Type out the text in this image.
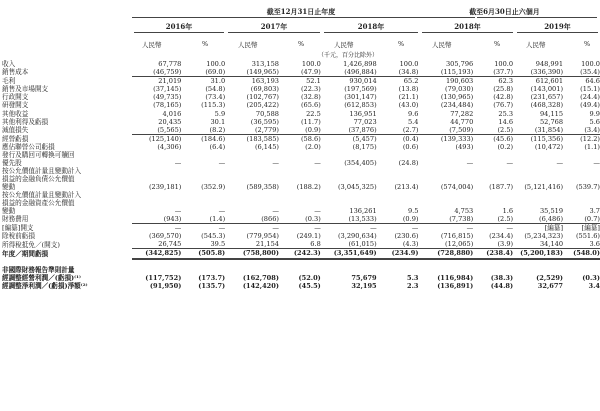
截至12月31日止年度	截至6月30日止六個月
2016年	2017年	2018年	2018年	2019年
人民幣	%	人民幣	%	人民幣	%	人民幣	%	人民幣	%
（千元，百分比除外）
收入	67,778	100.0	313,158	100.0	1,426,898	100.0	305,796	100.0	948,991	100.0
銷售成本	(46,759)	(69.0)	(149,965)	(47.9)	(496,884)	(34.8)	(115,193)	(37.7)	(336,390)	(35.4)
毛利	21,019	31.0	163,193	52.1	930,014	65.2	190,603	62.3	612,601	64.6
銷售及市場開支	(37,145)	(54.8)	(69,803)	(22.3)	(197,569)	(13.8)	(79,030)	(25.8)	(143,001)	(15.1)
行政開支	(49,735)	(73.4)	(102,767)	(32.8)	(301,147)	(21.1)	(130,965)	(42.8)	(231,657)	(24.4)
研發開支	(78,165)	(115.3)	(205,422)	(65.6)	(612,853)	(43.0)	(234,484)	(76.7)	(468,328)	(49.4)
其他收益	4,016	5.9	70,588	22.5	136,951	9.6	77,282	25.3	94,115	9.9
其他利得及虧損	20,435	30.1	(36,595)	(11.7)	77,023	5.4	44,770	14.6	52,768	5.6
減值損失	(5,565)	(8.2)	(2,779)	(0.9)	(37,876)	(2.7)	(7,509)	(2.5)	(31,854)	(3.4)
經營虧損	(125,140)	(184.6)	(183,585)	(58.6)	(5,457)	(0.4)	(139,333)	(45.6)	(115,356)	(12.2)
應佔聯營公司虧損	(4,306)	(6.4)	(6,145)	(2.0)	(8,175)	(0.6)	(493)	(0.2)	(10,472)	(1.1)
發行及購回可轉換可贖回										
優先股	—	—	—	—	(354,405)	(24.8)	—	—	—	—
按公允價值計量且變動計入										
損益的金融負債公允價值										
變動	(239,181)	(352.9)	(589,358)	(188.2)	(3,045,325)	(213.4)	(574,004)	(187.7)	(5,121,416)	(539.7)
按公允價值計量且變動計入										
損益的金融資產公允價值										
變動	—	—	—	—	136,261	9.5	4,753	1.6	35,519	3.7
財務費用	(943)	(1.4)	(866)	(0.3)	(13,533)	(0.9)	(7,738)	(2.5)	(6,486)	(0.7)
[編纂]開支	—	—	—	—	—	—	—	—	[編纂]	[編纂]
除稅前虧損	(369,570)	(545.3)	(779,954)	(249.1)	(3,290,634)	(230.6)	(716,815)	(234.4)	(5,234,323)	(551.6)
所得稅抵免／(開支)	26,745	39.5	21,154	6.8	(61,015)	(4.3)	(12,065)	(3.9)	34,140	3.6
年度／期間虧損	(342,825)	(505.8)	(758,800)	(242.3)	(3,351,649)	(234.9)	(728,880)	(238.4)	(5,200,183)	(548.0)

非國際財務報告準則計量										
經調整經營利潤／(虧損)⁽¹⁾	(117,752)	(173.7)	(162,708)	(52.0)	75,679	5.3	(116,984)	(38.3)	(2,529)	(0.3)
經調整淨利潤／(虧損)淨額⁽²⁾	(91,950)	(135.7)	(142,420)	(45.5)	32,195	2.3	(136,891)	(44.8)	32,677	3.4
